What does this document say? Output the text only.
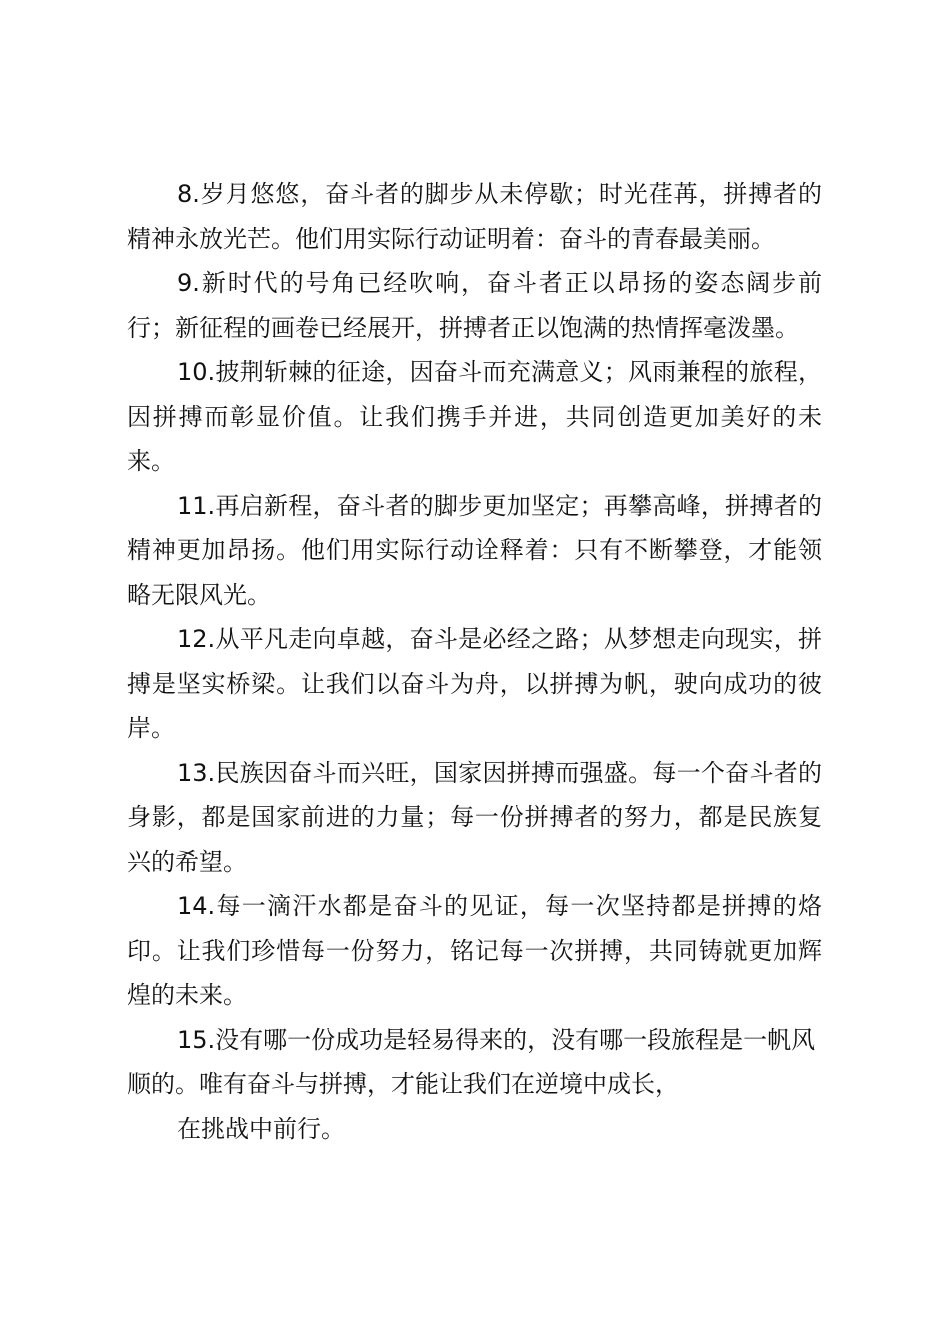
8.岁月悠悠，奋斗者的脚步从未停歇；时光荏苒，拼搏者的精神永放光芒。他们用实际行动证明着：奋斗的青春最美丽。

9.新时代的号角已经吹响，奋斗者正以昂扬的姿态阔步前行；新征程的画卷已经展开，拼搏者正以饱满的热情挥毫泼墨。

10.披荆斩棘的征途，因奋斗而充满意义；风雨兼程的旅程，因拼搏而彰显价值。让我们携手并进，共同创造更加美好的未来。

11.再启新程，奋斗者的脚步更加坚定；再攀高峰，拼搏者的精神更加昂扬。他们用实际行动诠释着：只有不断攀登，才能领略无限风光。

12.从平凡走向卓越，奋斗是必经之路；从梦想走向现实，拼搏是坚实桥梁。让我们以奋斗为舟，以拼搏为帆，驶向成功的彼岸。

13.民族因奋斗而兴旺，国家因拼搏而强盛。每一个奋斗者的身影，都是国家前进的力量；每一份拼搏者的努力，都是民族复兴的希望。

14.每一滴汗水都是奋斗的见证，每一次坚持都是拼搏的烙印。让我们珍惜每一份努力，铭记每一次拼搏，共同铸就更加辉煌的未来。

15.没有哪一份成功是轻易得来的，没有哪一段旅程是一帆风顺的。唯有奋斗与拼搏，才能让我们在逆境中成长，

在挑战中前行。
